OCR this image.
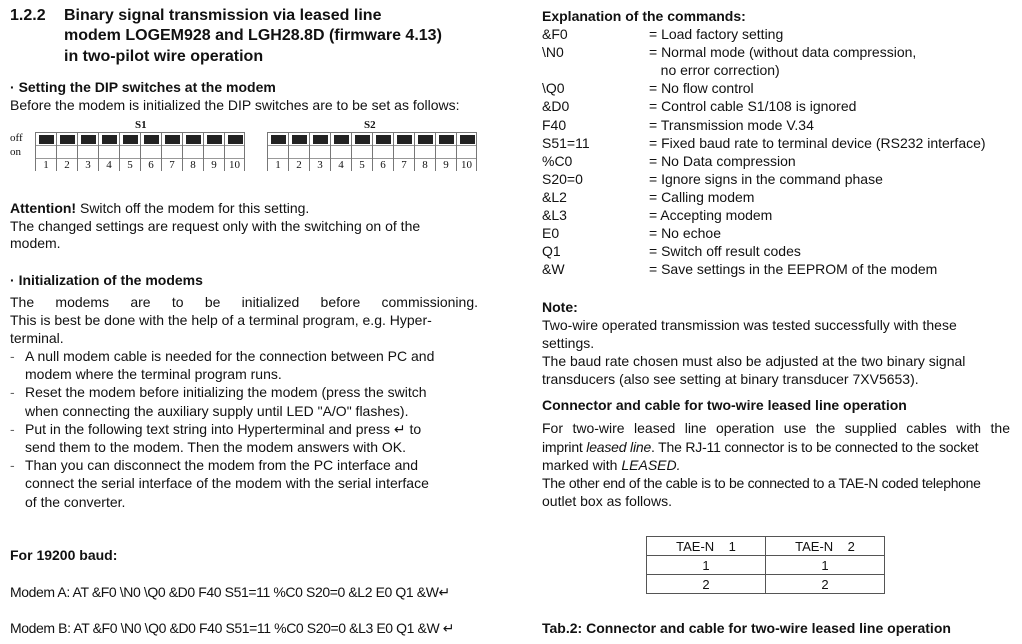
1.2.2 Binary signal transmission via leased line
modem LOGEM928 and LGH28.8D (firmware 4.13)
in two-pilot wire operation
· Setting the DIP switches at the modem
Before the modem is initialized the DIP switches are to be set as follows:
off
on
S1	S2
1	2	3	4	5	6	7	8	9	10	1	2	3	4	5	6	7	8	9	10
Attention! Switch off the modem for this setting.
The changed settings are request only with the switching on of the
modem.
· Initialization of the modems
The modems are to be initialized before commissioning.
This is best be done with the help of a terminal program, e.g. Hyper-
terminal.
- A null modem cable is needed for the connection between PC and
modem where the terminal program runs.
- Reset the modem before initializing the modem (press the switch
when connecting the auxiliary supply until LED "A/O" flashes).
- Put in the following text string into Hyperterminal and press ↵ to
send them to the modem. Then the modem answers with OK.
- Than you can disconnect the modem from the PC interface and
connect the serial interface of the modem with the serial interface
of the converter.
For 19200 baud:
Modem A: AT &F0 \N0 \Q0 &D0 F40 S51=11 %C0 S20=0 &L2 E0 Q1 &W↵
Modem B: AT &F0 \N0 \Q0 &D0 F40 S51=11 %C0 S20=0 &L3 E0 Q1 &W ↵
Explanation of the commands:
&F0	= Load factory setting
\N0	= Normal mode (without data compression,
no error correction)
\Q0	= No flow control
&D0	= Control cable S1/108 is ignored
F40	= Transmission mode V.34
S51=11	= Fixed baud rate to terminal device (RS232 interface)
%C0	= No Data compression
S20=0	= Ignore signs in the command phase
&L2	= Calling modem
&L3	= Accepting modem
E0	= No echoe
Q1	= Switch off result codes
&W	= Save settings in the EEPROM of the modem
Note:
Two-wire operated transmission was tested successfully with these
settings.
The baud rate chosen must also be adjusted at the two binary signal
transducers (also see setting at binary transducer 7XV5653).
Connector and cable for two-wire leased line operation
For two-wire leased line operation use the supplied cables with the
imprint leased line. The RJ-11 connector is to be connected to the socket
marked with LEASED.
The other end of the cable is to be connected to a TAE-N coded telephone
outlet box as follows.
TAE-N    1	TAE-N    2
1	1
2	2
Tab.2: Connector and cable for two-wire leased line operation
